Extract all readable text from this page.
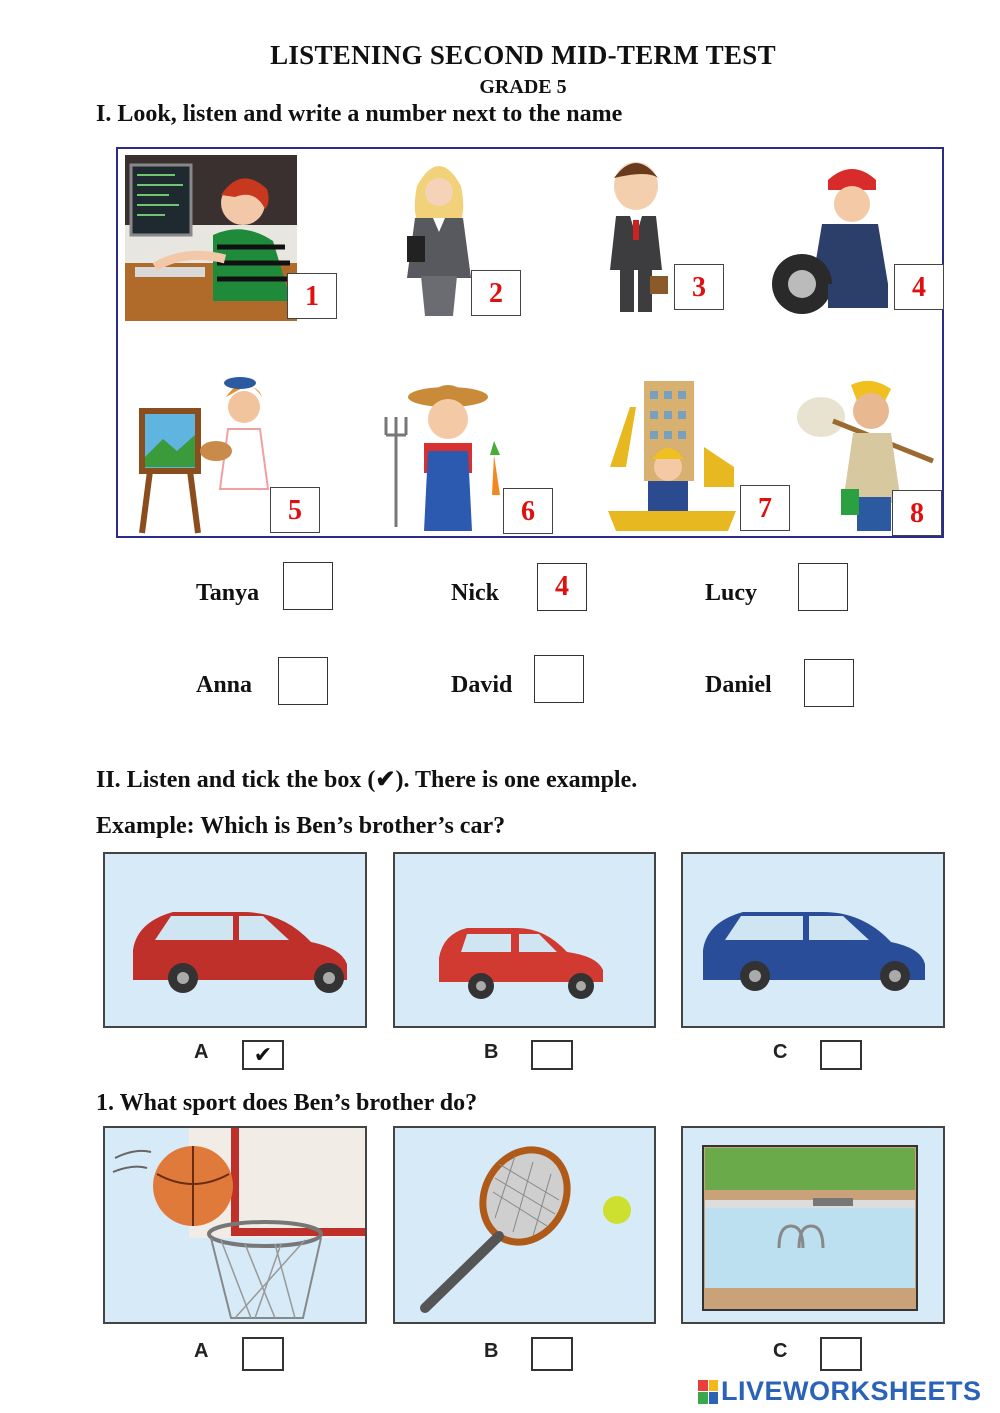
LISTENING SECOND MID-TERM TEST
GRADE 5
I. Look, listen and write a number next to the name
1	2	3	4
5	6	7	8
Tanya	Nick	4	Lucy
Anna	David	Daniel
II. Listen and tick the box (✔). There is one example.
Example: Which is Ben’s brother’s car?
A	✔	B	C
1. What sport does Ben’s brother do?
A	B	C
LIVEWORKSHEETS
